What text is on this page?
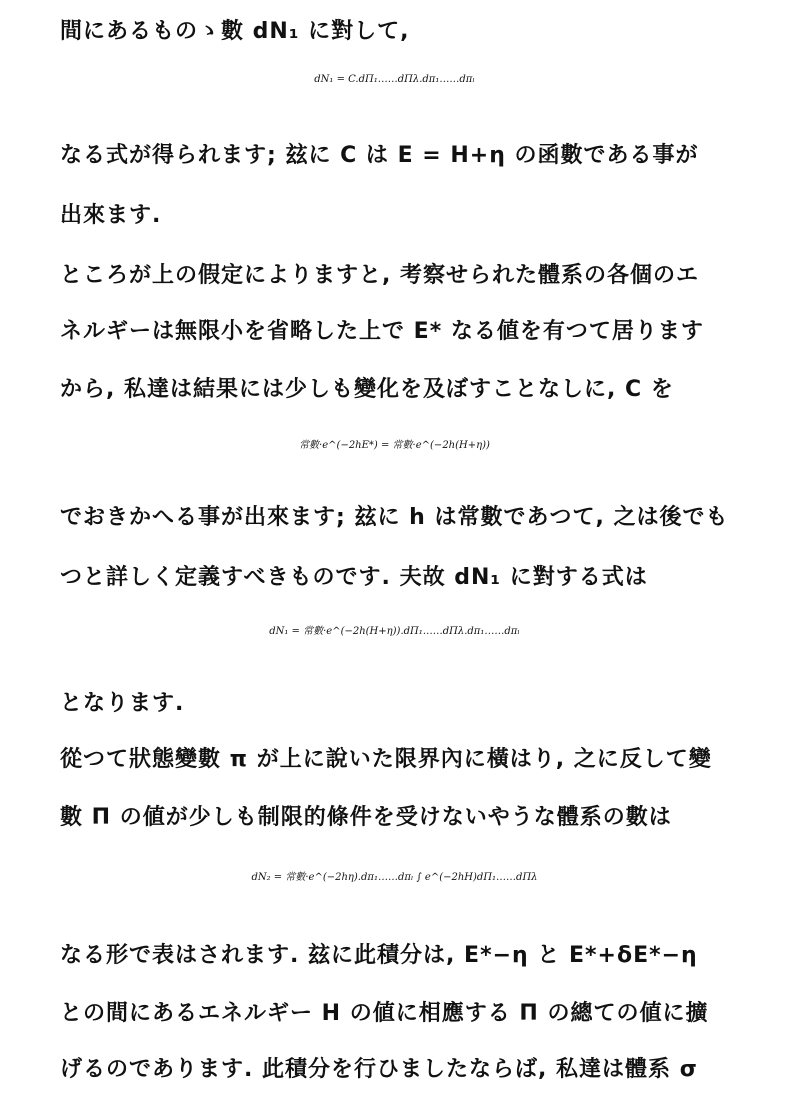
間にあるものゝ數 dN₁ に對して,
dN₁ = C.dΠ₁……dΠλ.dπ₁……dπₗ
なる式が得られます; 玆に C は E = H+η の函數である事が
出來ます.
ところが上の假定によりますと, 考察せられた體系の各個のエ
ネルギーは無限小を省略した上で E* なる値を有つて居ります
から, 私達は結果には少しも變化を及ぼすことなしに, C を
常數·e^(−2hE*) = 常數·e^(−2h(H+η))
でおきかへる事が出來ます; 玆に h は常數であつて, 之は後でも
つと詳しく定義すべきものです. 夫故 dN₁ に對する式は
dN₁ = 常數·e^(−2h(H+η)).dΠ₁……dΠλ.dπ₁……dπₗ
となります.
從つて狀態變數 π が上に說いた限界內に橫はり, 之に反して變
數 Π の値が少しも制限的條件を受けないやうな體系の數は
dN₂ = 常數·e^(−2hη).dπ₁……dπₗ ∫ e^(−2hH)dΠ₁……dΠλ
なる形で表はされます. 玆に此積分は, E*−η と E*+δE*−η
との間にあるエネルギー H の値に相應する Π の總ての値に擴
げるのであります. 此積分を行ひましたならば, 私達は體系 σ
